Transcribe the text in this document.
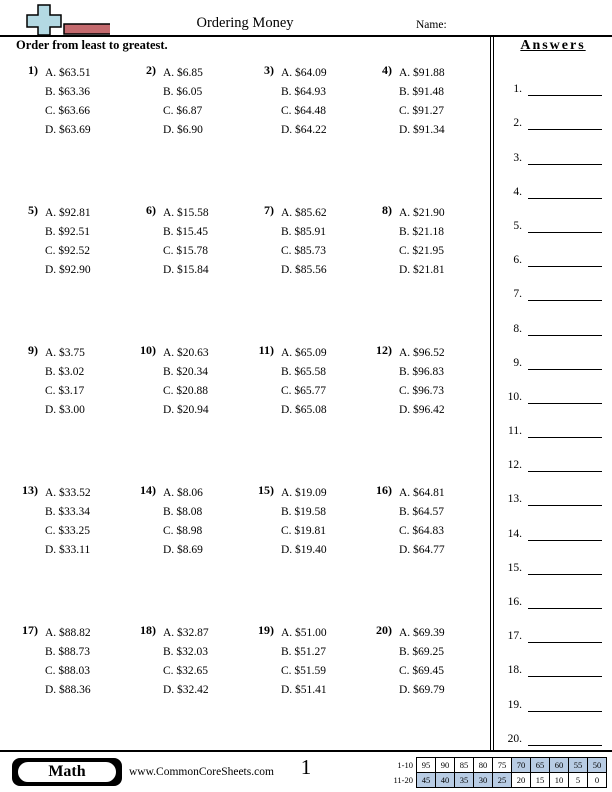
Ordering Money	Name:
Order from least to greatest.
1) A. $63.51
B. $63.36
C. $63.66
D. $63.69
2) A. $6.85
B. $6.05
C. $6.87
D. $6.90
3) A. $64.09
B. $64.93
C. $64.48
D. $64.22
4) A. $91.88
B. $91.48
C. $91.27
D. $91.34
5) A. $92.81
B. $92.51
C. $92.52
D. $92.90
6) A. $15.58
B. $15.45
C. $15.78
D. $15.84
7) A. $85.62
B. $85.91
C. $85.73
D. $85.56
8) A. $21.90
B. $21.18
C. $21.95
D. $21.81
9) A. $3.75
B. $3.02
C. $3.17
D. $3.00
10) A. $20.63
B. $20.34
C. $20.88
D. $20.94
11) A. $65.09
B. $65.58
C. $65.77
D. $65.08
12) A. $96.52
B. $96.83
C. $96.73
D. $96.42
13) A. $33.52
B. $33.34
C. $33.25
D. $33.11
14) A. $8.06
B. $8.08
C. $8.98
D. $8.69
15) A. $19.09
B. $19.58
C. $19.81
D. $19.40
16) A. $64.81
B. $64.57
C. $64.83
D. $64.77
17) A. $88.82
B. $88.73
C. $88.03
D. $88.36
18) A. $32.87
B. $32.03
C. $32.65
D. $32.42
19) A. $51.00
B. $51.27
C. $51.59
D. $51.41
20) A. $69.39
B. $69.25
C. $69.45
D. $69.79
Answers
1.
2.
3.
4.
5.
6.
7.
8.
9.
10.
11.
12.
13.
14.
15.
16.
17.
18.
19.
20.
Math	www.CommonCoreSheets.com 1	1-10	95	90	85	80	75	70	65	60	55	50
11-20	45	40	35	30	25	20	15	10	5	0
